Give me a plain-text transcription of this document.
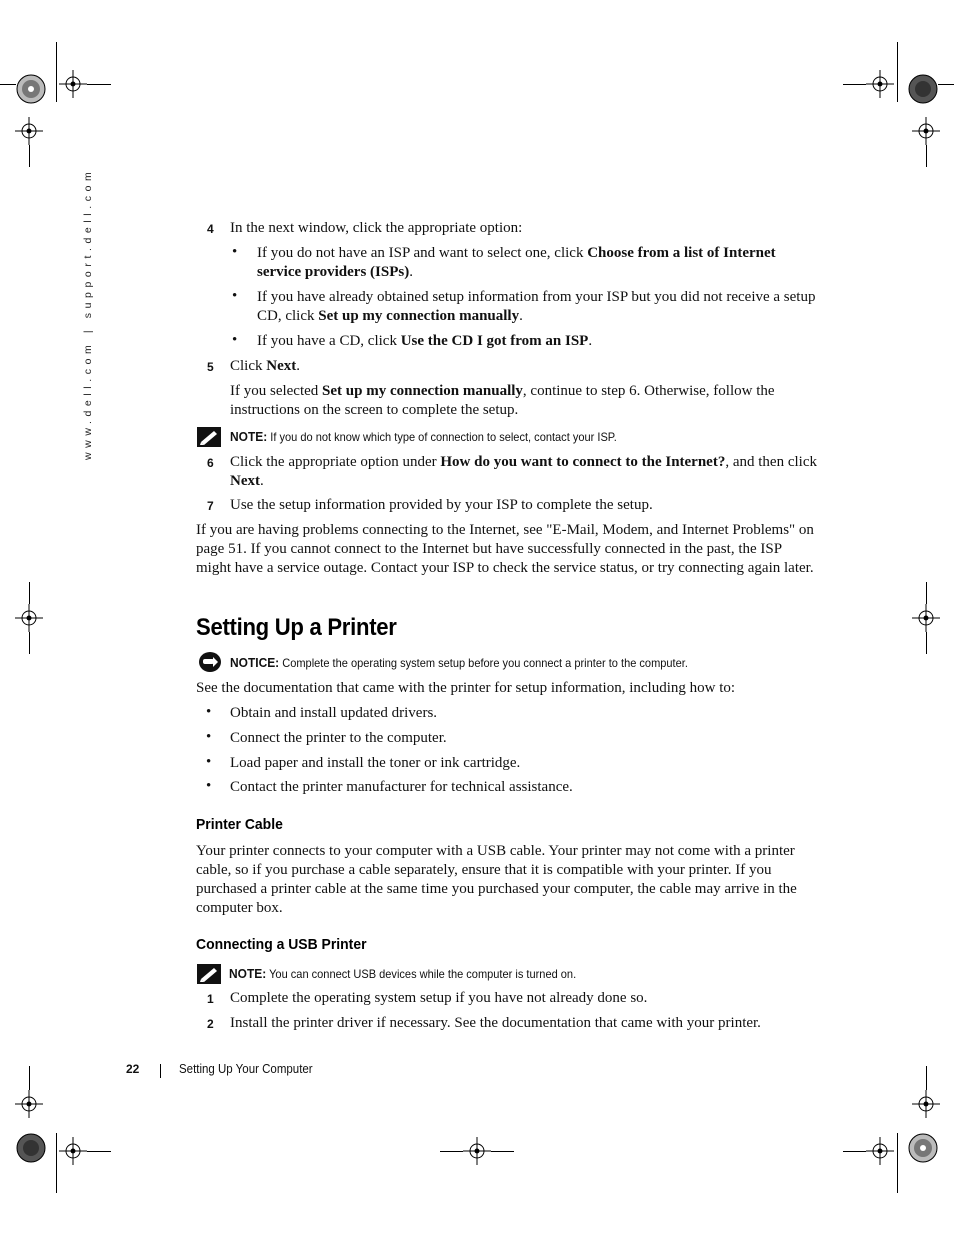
www.dell.com | support.dell.com	4 In the next window, click the appropriate option:
• If you do not have an ISP and want to select one, click Choose from a list of Internet service providers (ISPs).
• If you have already obtained setup information from your ISP but you did not receive a setup CD, click Set up my connection manually.
• If you have a CD, click Use the CD I got from an ISP.
5 Click Next.
If you selected Set up my connection manually, continue to step 6. Otherwise, follow the instructions on the screen to complete the setup.
NOTE: If you do not know which type of connection to select, contact your ISP.
6 Click the appropriate option under How do you want to connect to the Internet?, and then click Next.
7 Use the setup information provided by your ISP to complete the setup.
If you are having problems connecting to the Internet, see "E-Mail, Modem, and Internet Problems" on page 51. If you cannot connect to the Internet but have successfully connected in the past, the ISP might have a service outage. Contact your ISP to check the service status, or try connecting again later.
Setting Up a Printer
NOTICE: Complete the operating system setup before you connect a printer to the computer.
See the documentation that came with the printer for setup information, including how to:
• Obtain and install updated drivers.
• Connect the printer to the computer.
• Load paper and install the toner or ink cartridge.
• Contact the printer manufacturer for technical assistance.
Printer Cable
Your printer connects to your computer with a USB cable. Your printer may not come with a printer cable, so if you purchase a cable separately, ensure that it is compatible with your printer. If you purchased a printer cable at the same time you purchased your computer, the cable may arrive in the computer box.
Connecting a USB Printer
NOTE: You can connect USB devices while the computer is turned on.
1 Complete the operating system setup if you have not already done so.
2 Install the printer driver if necessary. See the documentation that came with your printer.
22	Setting Up Your Computer
